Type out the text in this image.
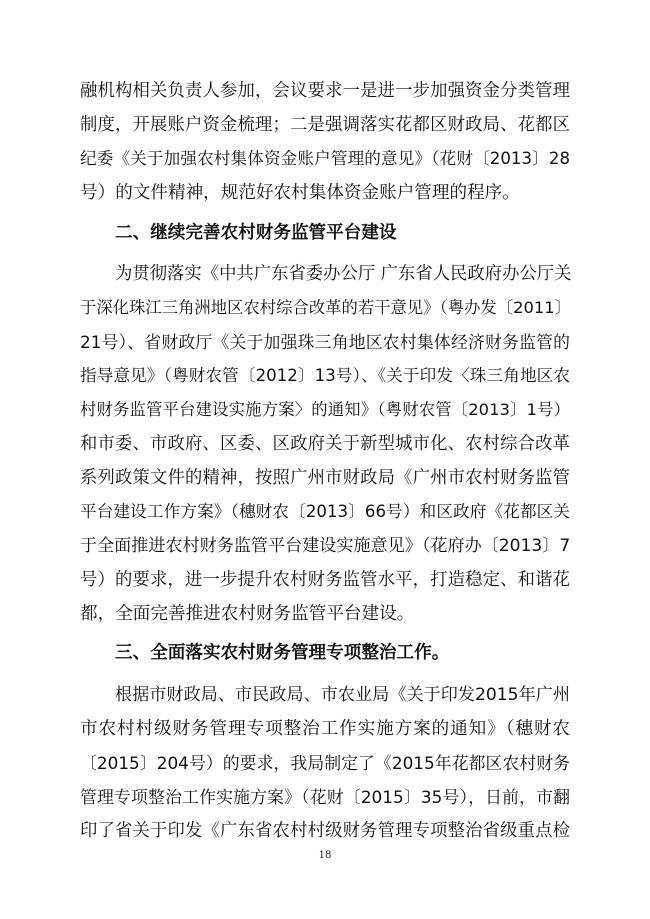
融机构相关负责人参加，会议要求一是进一步加强资金分类管理
制度，开展账户资金梳理；二是强调落实花都区财政局、花都区
纪委《关于加强农村集体资金账户管理的意见》（花财〔2013〕28
号）的文件精神，规范好农村集体资金账户管理的程序。
二、继续完善农村财务监管平台建设
为贯彻落实《中共广东省委办公厅 广东省人民政府办公厅关
于深化珠江三角洲地区农村综合改革的若干意见》（粤办发〔2011〕
21号）、省财政厅《关于加强珠三角地区农村集体经济财务监管的
指导意见》（粤财农管〔2012〕13号）、《关于印发〈珠三角地区农
村财务监管平台建设实施方案〉的通知》（粤财农管〔2013〕1号）
和市委、市政府、区委、区政府关于新型城市化、农村综合改革
系列政策文件的精神，按照广州市财政局《广州市农村财务监管
平台建设工作方案》（穗财农〔2013〕66号）和区政府《花都区关
于全面推进农村财务监管平台建设实施意见》（花府办〔2013〕7
号）的要求，进一步提升农村财务监管水平，打造稳定、和谐花
都，全面完善推进农村财务监管平台建设。
三、全面落实农村财务管理专项整治工作。
根据市财政局、市民政局、市农业局《关于印发2015年广州
市农村村级财务管理专项整治工作实施方案的通知》（穗财农
〔2015〕204号）的要求，我局制定了《2015年花都区农村财务
管理专项整治工作实施方案》（花财〔2015〕35号），日前，市翻
印了省关于印发《广东省农村村级财务管理专项整治省级重点检
18
